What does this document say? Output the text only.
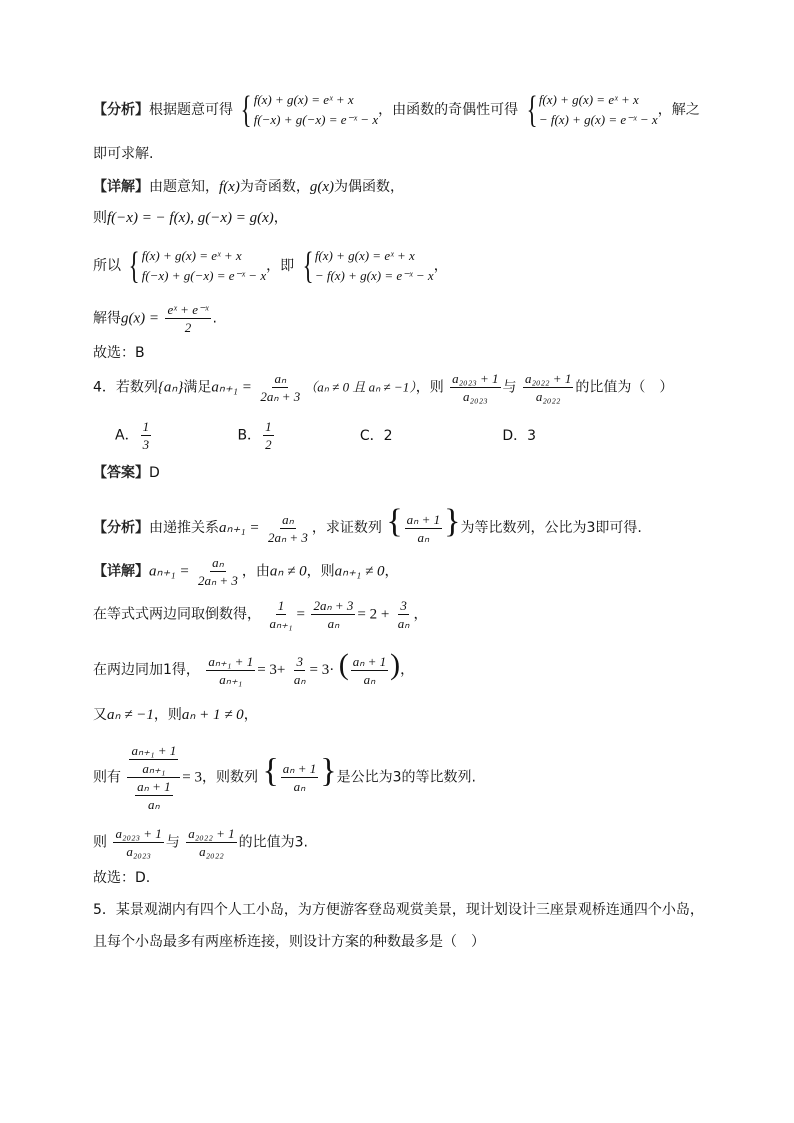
【分析】根据题意可得 { f(x) + g(x) = eˣ + x
f(−x) + g(−x) = e⁻ˣ − x
，由函数的奇偶性可得 { f(x) + g(x) = eˣ + x
− f(x) + g(x) = e⁻ˣ − x
，解之
即可求解.
【详解】由题意知，f(x)为奇函数，g(x)为偶函数，
则f(−x) = − f(x), g(−x) = g(x)，
所以 { f(x) + g(x) = eˣ + x
f(−x) + g(−x) = e⁻ˣ − x
，即 { f(x) + g(x) = eˣ + x
− f(x) + g(x) = e⁻ˣ − x
，
解得$g(x) = \frac{\text{eˣ + e⁻ˣ}}{2}$ .
故选：B
4．若数列{aₙ}满足$a_{n+1} = \frac{\text{aₙ}}{\text{2aₙ + 3}} (a_n \ne 0$ 且 aₙ ≠ −1），则 $\frac{\text{a₂₀₂₃ + 1}}{\text{a₂₀₂₃}}$ 与 $\frac{\text{a₂₀₂₂ + 1}}{\text{a₂₀₂₂}}$ 的比值为（　）
A． $\frac{1}{3}$	B． $\frac{1}{2}$	C．2	D．3
【答案】D
【分析】由递推关系$a_{n+1} = \frac{\text{aₙ}}{\text{2aₙ + 3}}$ ，求证数列 { $\frac{\text{aₙ + 1}}{\text{aₙ}}$ }为等比数列，公比为3即可得.
【详解】$a_{n+1} = \frac{\text{aₙ}}{\text{2aₙ + 3}}$ ，由aₙ ≠ 0，则aₙ₊₁ ≠ 0，
在等式式两边同取倒数得， $\frac{1}{\text{aₙ₊₁}} = \frac{\text{2aₙ + 3}}{\text{aₙ}} = 2 + \frac{3}{\text{aₙ}}$ ，
在两边同加1得， $\frac{\text{aₙ₊₁ + 1}}{\text{aₙ₊₁}} = 3+ \frac{3}{\text{aₙ}} = 3\cdot$ ( $\frac{\text{aₙ + 1}}{\text{aₙ}}$ )，
又aₙ ≠ −1，则aₙ + 1 ≠ 0，
则有 $\frac{\frac{\text{aₙ₊₁ + 1}}{\text{aₙ₊₁}}}{\frac{\text{aₙ + 1}}{\text{aₙ}}} = 3$，则数列 { $\frac{\text{aₙ + 1}}{\text{aₙ}}$ }是公比为3的等比数列.
则 $\frac{\text{a₂₀₂₃ + 1}}{\text{a₂₀₂₃}}$ 与 $\frac{\text{a₂₀₂₂ + 1}}{\text{a₂₀₂₂}}$ 的比值为3.
故选：D.
5．某景观湖内有四个人工小岛，为方便游客登岛观赏美景，现计划设计三座景观桥连通四个小岛，
且每个小岛最多有两座桥连接，则设计方案的种数最多是（　）
